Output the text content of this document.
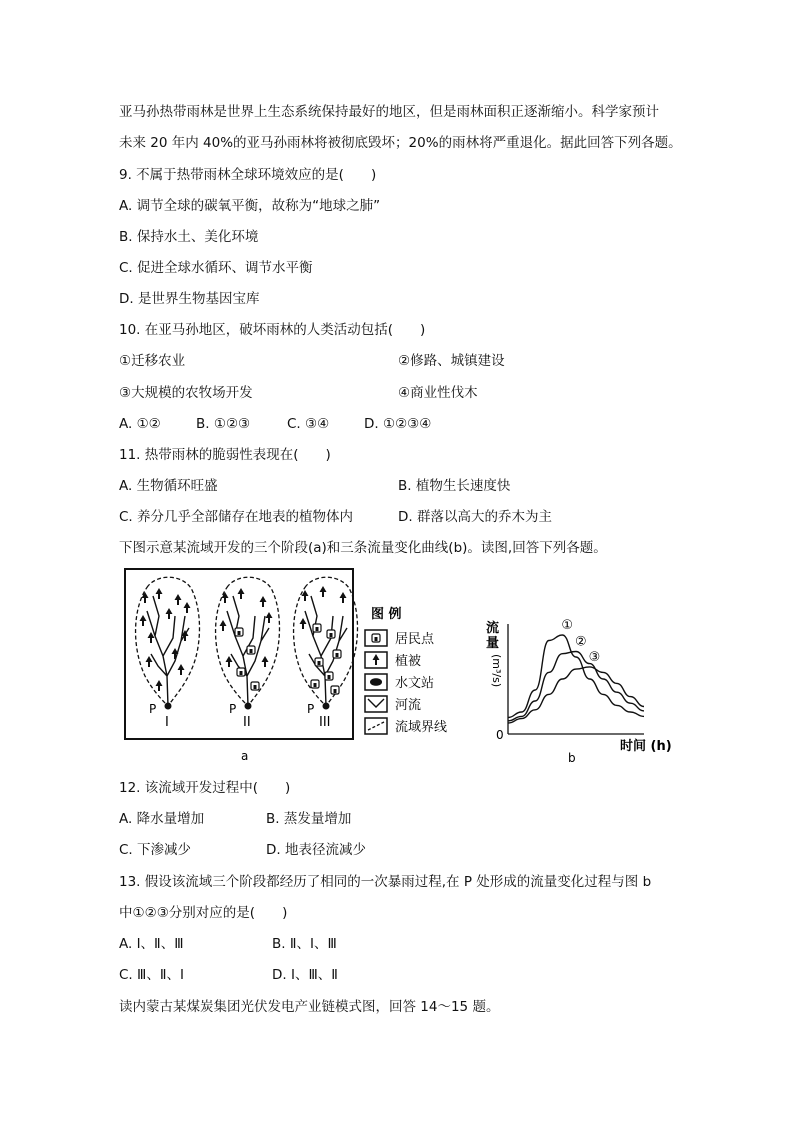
亚马孙热带雨林是世界上生态系统保持最好的地区，但是雨林面积正逐渐缩小。科学家预计
未来 20 年内 40%的亚马孙雨林将被彻底毁坏；20%的雨林将严重退化。据此回答下列各题。
9. 不属于热带雨林全球环境效应的是(　　)
A. 调节全球的碳氧平衡，故称为“地球之肺”
B. 保持水土、美化环境
C. 促进全球水循环、调节水平衡
D. 是世界生物基因宝库
10. 在亚马孙地区，破坏雨林的人类活动包括(　　)
①迁移农业	②修路、城镇建设
③大规模的农牧场开发	④商业性伐木
A. ①②	B. ①②③	C. ③④	D. ①②③④
11. 热带雨林的脆弱性表现在(　　)
A. 生物循环旺盛	B. 植物生长速度快
C. 养分几乎全部储存在地表的植物体内	D. 群落以高大的乔木为主
下图示意某流域开发的三个阶段(a)和三条流量变化曲线(b)。读图,回答下列各题。
P
I
P
II
P
III
图 例
居民点
植被
水文站
河流
流域界线
a
流
量
(m³/s)
0
时间 (h)
①
②
③
b
12. 该流域开发过程中(　　)
A. 降水量增加	B. 蒸发量增加
C. 下渗减少	D. 地表径流减少
13. 假设该流域三个阶段都经历了相同的一次暴雨过程,在 P 处形成的流量变化过程与图 b
中①②③分别对应的是(　　)
A. Ⅰ、Ⅱ、Ⅲ	B. Ⅱ、Ⅰ、Ⅲ
C. Ⅲ、Ⅱ、Ⅰ	D. Ⅰ、Ⅲ、Ⅱ
读内蒙古某煤炭集团光伏发电产业链模式图，回答 14～15 题。
